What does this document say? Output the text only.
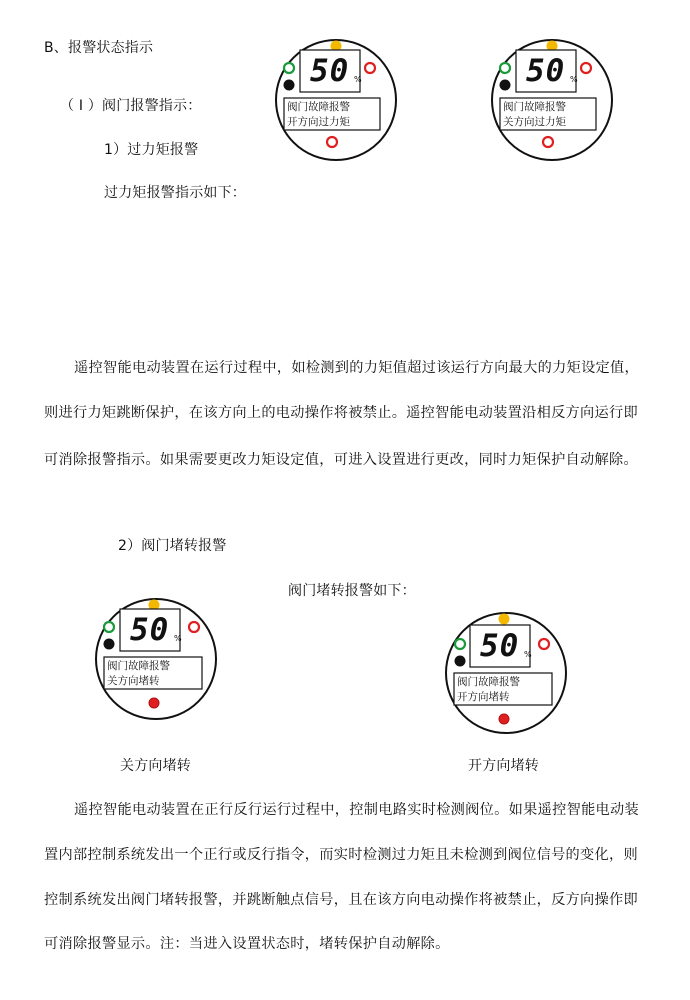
B、报警状态指示
（ I ）阀门报警指示：
1）过力矩报警
过力矩报警指示如下：
50 %
阀门故障报警
开方向过力矩
50 %
阀门故障报警
关方向过力矩
遥控智能电动装置在运行过程中，如检测到的力矩值超过该运行方向最大的力矩设定值，
则进行力矩跳断保护，在该方向上的电动操作将被禁止。遥控智能电动装置沿相反方向运行即
可消除报警指示。如果需要更改力矩设定值，可进入设置进行更改，同时力矩保护自动解除。
2）阀门堵转报警
阀门堵转报警如下：
50 %
阀门故障报警
关方向堵转
50 %
阀门故障报警
开方向堵转
关方向堵转	开方向堵转
遥控智能电动装置在正行反行运行过程中，控制电路实时检测阀位。如果遥控智能电动装
置内部控制系统发出一个正行或反行指令，而实时检测过力矩且未检测到阀位信号的变化，则
控制系统发出阀门堵转报警，并跳断触点信号，且在该方向电动操作将被禁止，反方向操作即
可消除报警显示。注：当进入设置状态时，堵转保护自动解除。
